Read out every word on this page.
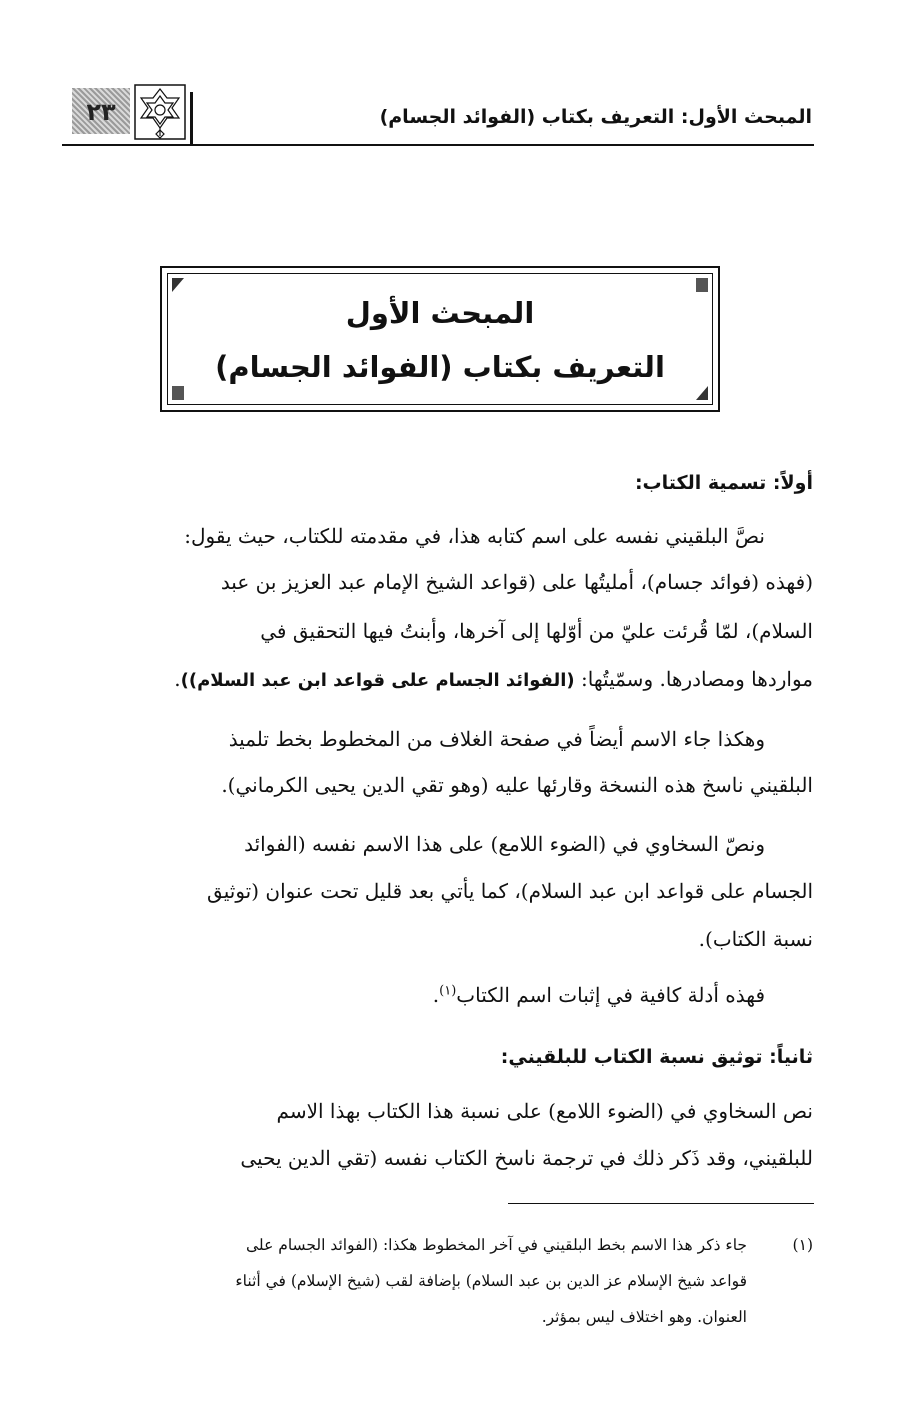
٢٣	المبحث الأول: التعريف بكتاب (الفوائد الجسام)
المبحث الأول
التعريف بكتاب (الفوائد الجسام)
أولاً: تسمية الكتاب:
نصَّ البلقيني نفسه على اسم كتابه هذا، في مقدمته للكتاب، حيث يقول:
(فهذه (فوائد جسام)، أمليتُها على (قواعد الشيخ الإمام عبد العزيز بن عبد
السلام)، لمّا قُرئت عليّ من أوّلها إلى آخرها، وأبنتُ فيها التحقيق في
مواردها ومصادرها. وسمّيتُها: (الفوائد الجسام على قواعد ابن عبد السلام)).
وهكذا جاء الاسم أيضاً في صفحة الغلاف من المخطوط بخط تلميذ
البلقيني ناسخ هذه النسخة وقارئها عليه (وهو تقي الدين يحيى الكرماني).
ونصّ السخاوي في (الضوء اللامع) على هذا الاسم نفسه (الفوائد
الجسام على قواعد ابن عبد السلام)، كما يأتي بعد قليل تحت عنوان (توثيق
نسبة الكتاب).
فهذه أدلة كافية في إثبات اسم الكتاب$^{(١)}$.
ثانياً: توثيق نسبة الكتاب للبلقيني:
نص السخاوي في (الضوء اللامع) على نسبة هذا الكتاب بهذا الاسم
للبلقيني، وقد ذَكر ذلك في ترجمة ناسخ الكتاب نفسه (تقي الدين يحيى
(١)
جاء ذكر هذا الاسم بخط البلقيني في آخر المخطوط هكذا: (الفوائد الجسام على
قواعد شيخ الإسلام عز الدين بن عبد السلام) بإضافة لقب (شيخ الإسلام) في أثناء
العنوان. وهو اختلاف ليس بمؤثر.
